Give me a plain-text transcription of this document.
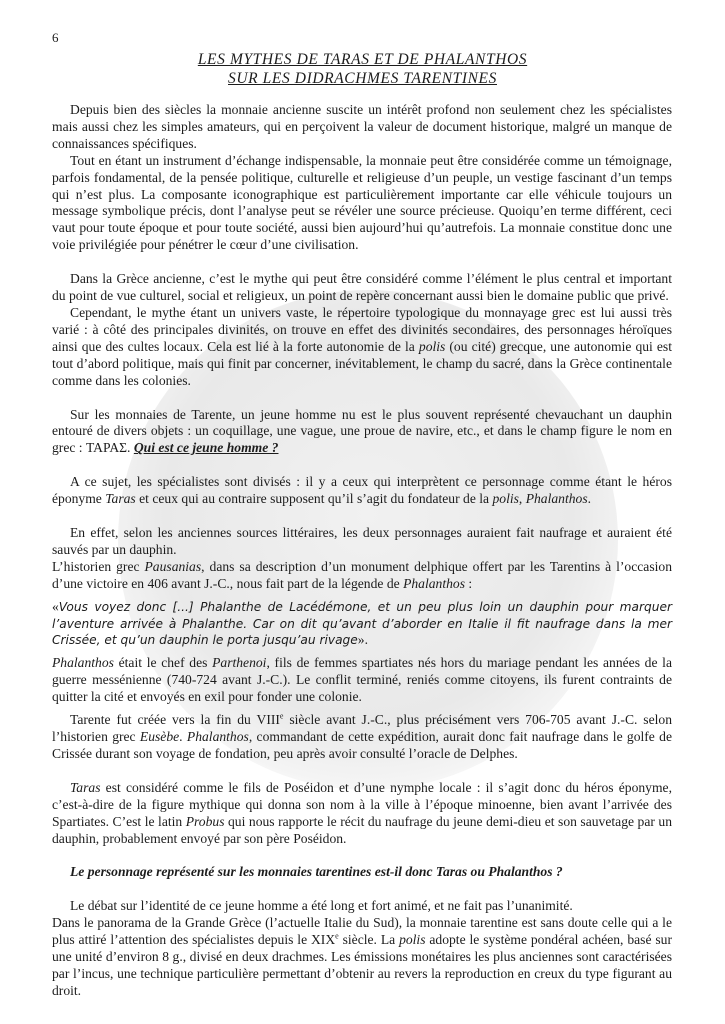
6
LES MYTHES DE TARAS ET DE PHALANTHOS
SUR LES DIDRACHMES TARENTINES

Depuis bien des siècles la monnaie ancienne suscite un intérêt profond non seulement chez les spécialistes mais aussi chez les simples amateurs, qui en perçoivent la valeur de document historique, malgré un manque de connaissances spécifiques.

Tout en étant un instrument d’échange indispensable, la monnaie peut être considérée comme un témoignage, parfois fondamental, de la pensée politique, culturelle et religieuse d’un peuple, un vestige fascinant d’un temps qui n’est plus. La composante iconographique est particulièrement importante car elle véhicule toujours un message symbolique précis, dont l’analyse peut se révéler une source précieuse. Quoiqu’en terme différent, ceci vaut pour toute époque et pour toute société, aussi bien aujourd’hui qu’autrefois. La monnaie constitue donc une voie privilégiée pour pénétrer le cœur d’une civilisation.

Dans la Grèce ancienne, c’est le mythe qui peut être considéré comme l’élément le plus central et important du point de vue culturel, social et religieux, un point de repère concernant aussi bien le domaine public que privé.

Cependant, le mythe étant un univers vaste, le répertoire typologique du monnayage grec est lui aussi très varié : à côté des principales divinités, on trouve en effet des divinités secondaires, des personnages héroïques ainsi que des cultes locaux. Cela est lié à la forte autonomie de la polis (ou cité) grecque, une autonomie qui est tout d’abord politique, mais qui finit par concerner, inévitablement, le champ du sacré, dans la Grèce continentale comme dans les colonies.

Sur les monnaies de Tarente, un jeune homme nu est le plus souvent représenté chevauchant un dauphin entouré de divers objets : un coquillage, une vague, une proue de navire, etc., et dans le champ figure le nom en grec : ΤΑΡΑΣ. Qui est ce jeune homme ?

A ce sujet, les spécialistes sont divisés : il y a ceux qui interprètent ce personnage comme étant le héros éponyme Taras et ceux qui au contraire supposent qu’il s’agit du fondateur de la polis, Phalanthos.

En effet, selon les anciennes sources littéraires, les deux personnages auraient fait naufrage et auraient été sauvés par un dauphin.

L’historien grec Pausanias, dans sa description d’un monument delphique offert par les Tarentins à l’occasion d’une victoire en 406 avant J.-C., nous fait part de la légende de Phalanthos :

«Vous voyez donc [...] Phalanthe de Lacédémone, et un peu plus loin un dauphin pour marquer l’aventure arrivée à Phalanthe. Car on dit qu’avant d’aborder en Italie il fit naufrage dans la mer Crissée, et qu’un dauphin le porta jusqu’au rivage».

Phalanthos était le chef des Parthenoi, fils de femmes spartiates nés hors du mariage pendant les années de la guerre messénienne (740-724 avant J.-C.). Le conflit terminé, reniés comme citoyens, ils furent contraints de quitter la cité et envoyés en exil pour fonder une colonie.

Tarente fut créée vers la fin du VIIIe siècle avant J.-C., plus précisément vers 706-705 avant J.-C. selon l’historien grec Eusèbe. Phalanthos, commandant de cette expédition, aurait donc fait naufrage dans le golfe de Crissée durant son voyage de fondation, peu après avoir consulté l’oracle de Delphes.

Taras est considéré comme le fils de Poséidon et d’une nymphe locale : il s’agit donc du héros éponyme, c’est-à-dire de la figure mythique qui donna son nom à la ville à l’époque minoenne, bien avant l’arrivée des Spartiates. C’est le latin Probus qui nous rapporte le récit du naufrage du jeune demi-dieu et son sauvetage par un dauphin, probablement envoyé par son père Poséidon.

Le personnage représenté sur les monnaies tarentines est-il donc Taras ou Phalanthos ?

Le débat sur l’identité de ce jeune homme a été long et fort animé, et ne fait pas l’unanimité.

Dans le panorama de la Grande Grèce (l’actuelle Italie du Sud), la monnaie tarentine est sans doute celle qui a le plus attiré l’attention des spécialistes depuis le XIXe siècle. La polis adopte le système pondéral achéen, basé sur une unité d’environ 8 g., divisé en deux drachmes. Les émissions monétaires les plus anciennes sont caractérisées par l’incus, une technique particulière permettant d’obtenir au revers la reproduction en creux du type figurant au droit.
